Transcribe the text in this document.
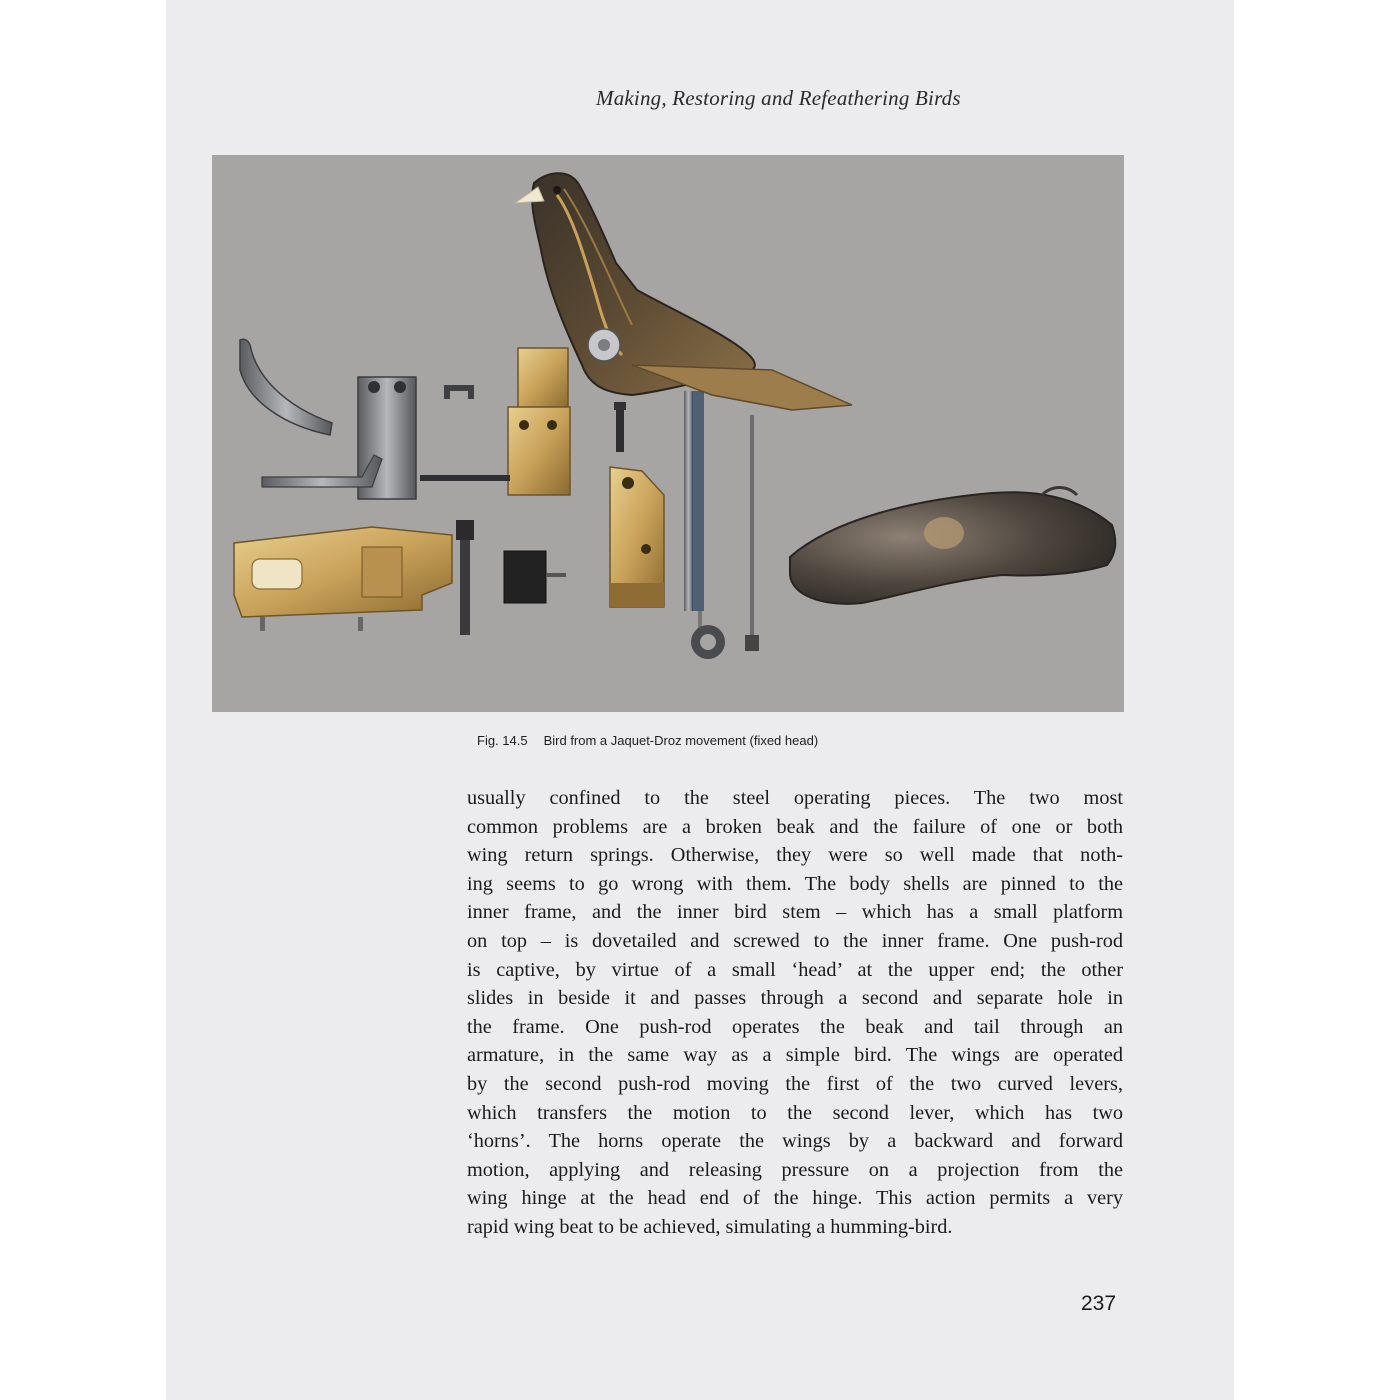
Making, Restoring and Refeathering Birds
Fig. 14.5 Bird from a Jaquet-Droz movement (fixed head)
usually confined to the steel operating pieces. The two most
common problems are a broken beak and the failure of one or both
wing return springs. Otherwise, they were so well made that noth-
ing seems to go wrong with them. The body shells are pinned to the
inner frame, and the inner bird stem – which has a small platform
on top – is dovetailed and screwed to the inner frame. One push-rod
is captive, by virtue of a small ‘head’ at the upper end; the other
slides in beside it and passes through a second and separate hole in
the frame. One push-rod operates the beak and tail through an
armature, in the same way as a simple bird. The wings are operated
by the second push-rod moving the first of the two curved levers,
which transfers the motion to the second lever, which has two
‘horns’. The horns operate the wings by a backward and forward
motion, applying and releasing pressure on a projection from the
wing hinge at the head end of the hinge. This action permits a very
rapid wing beat to be achieved, simulating a humming-bird.
237
